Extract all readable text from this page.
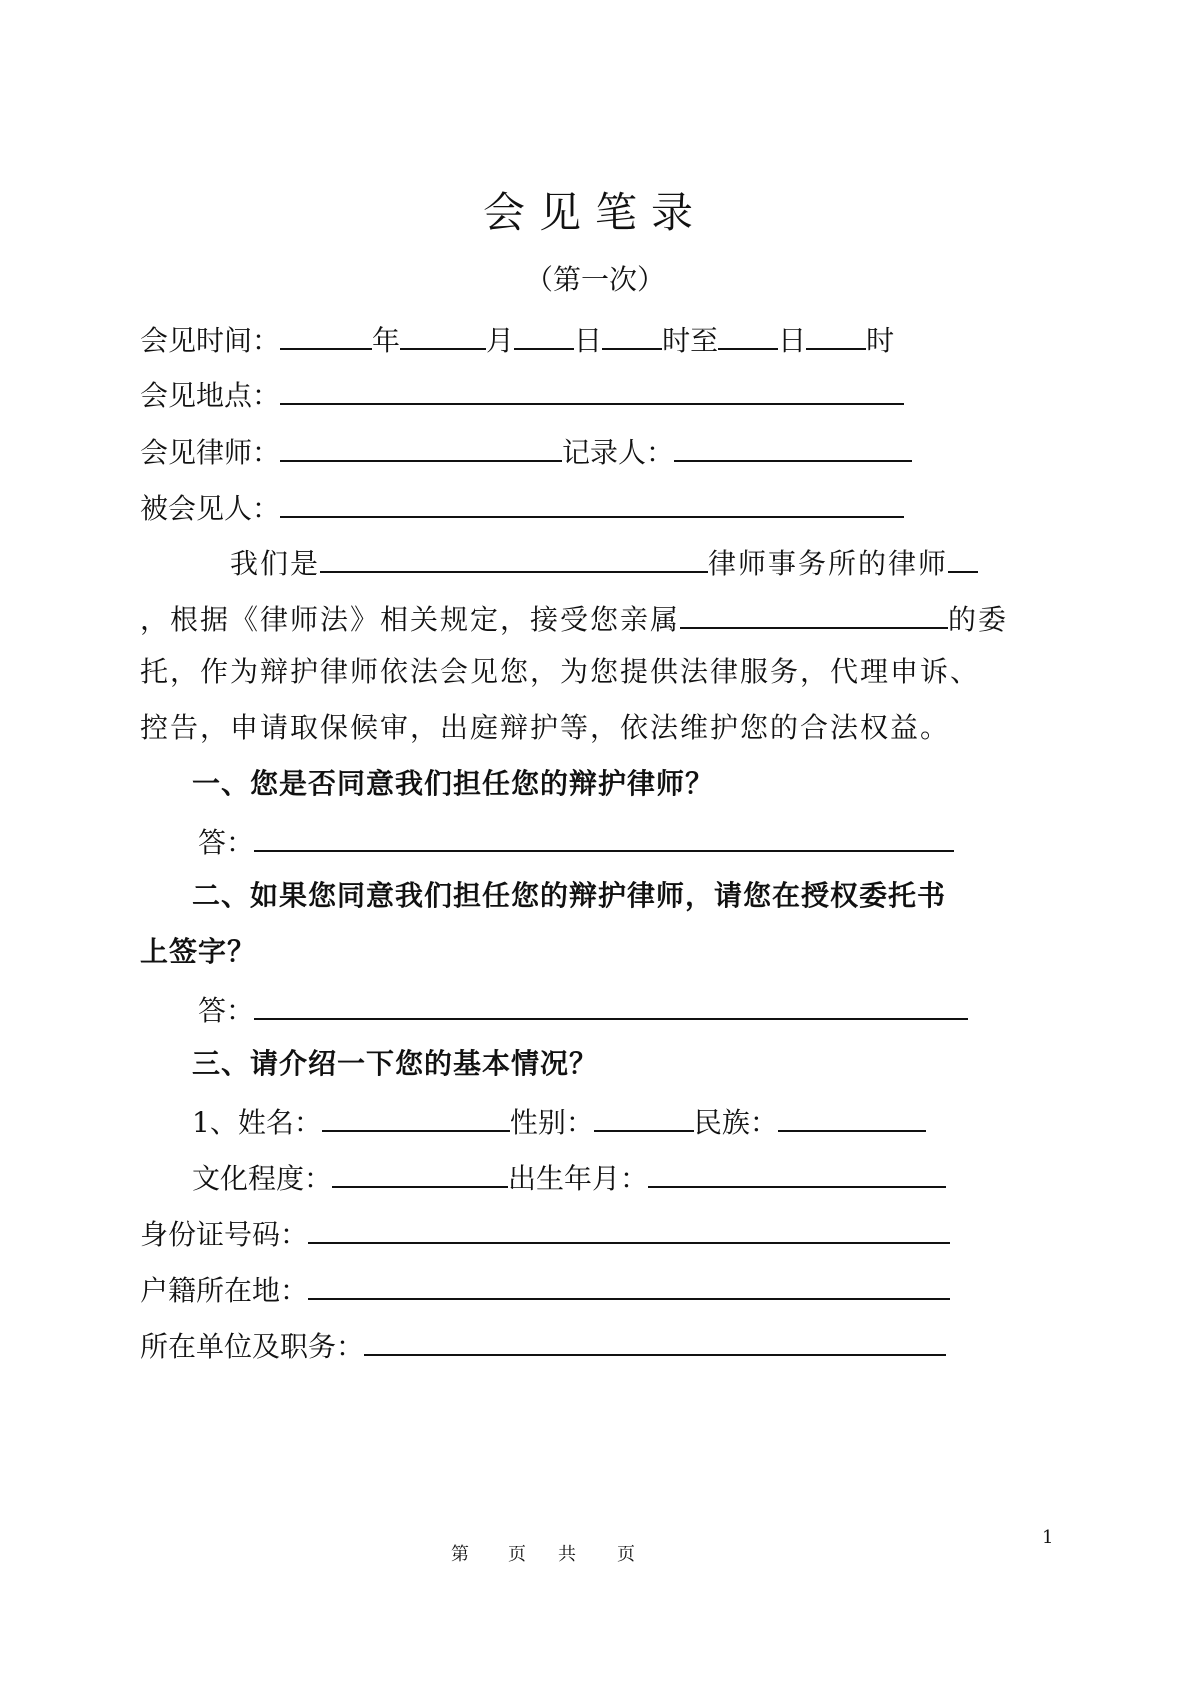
会见笔录
（第一次）
会见时间：	年	月 日 时至 日 时
会见地点：
会见律师：	记录人：
被会见人：
我们是	律师事务所的律师
，根据《律师法》相关规定，接受您亲属	的委
托，作为辩护律师依法会见您，为您提供法律服务，代理申诉、
控告，申请取保候审，出庭辩护等，依法维护您的合法权益。
一、您是否同意我们担任您的辩护律师？
答：
二、如果您同意我们担任您的辩护律师，请您在授权委托书
上签字？
答：
三、请介绍一下您的基本情况？
1、姓名：	性别：	民族：
文化程度：	出生年月：
身份证号码：
户籍所在地：
所在单位及职务：
1
第 页 共 页
